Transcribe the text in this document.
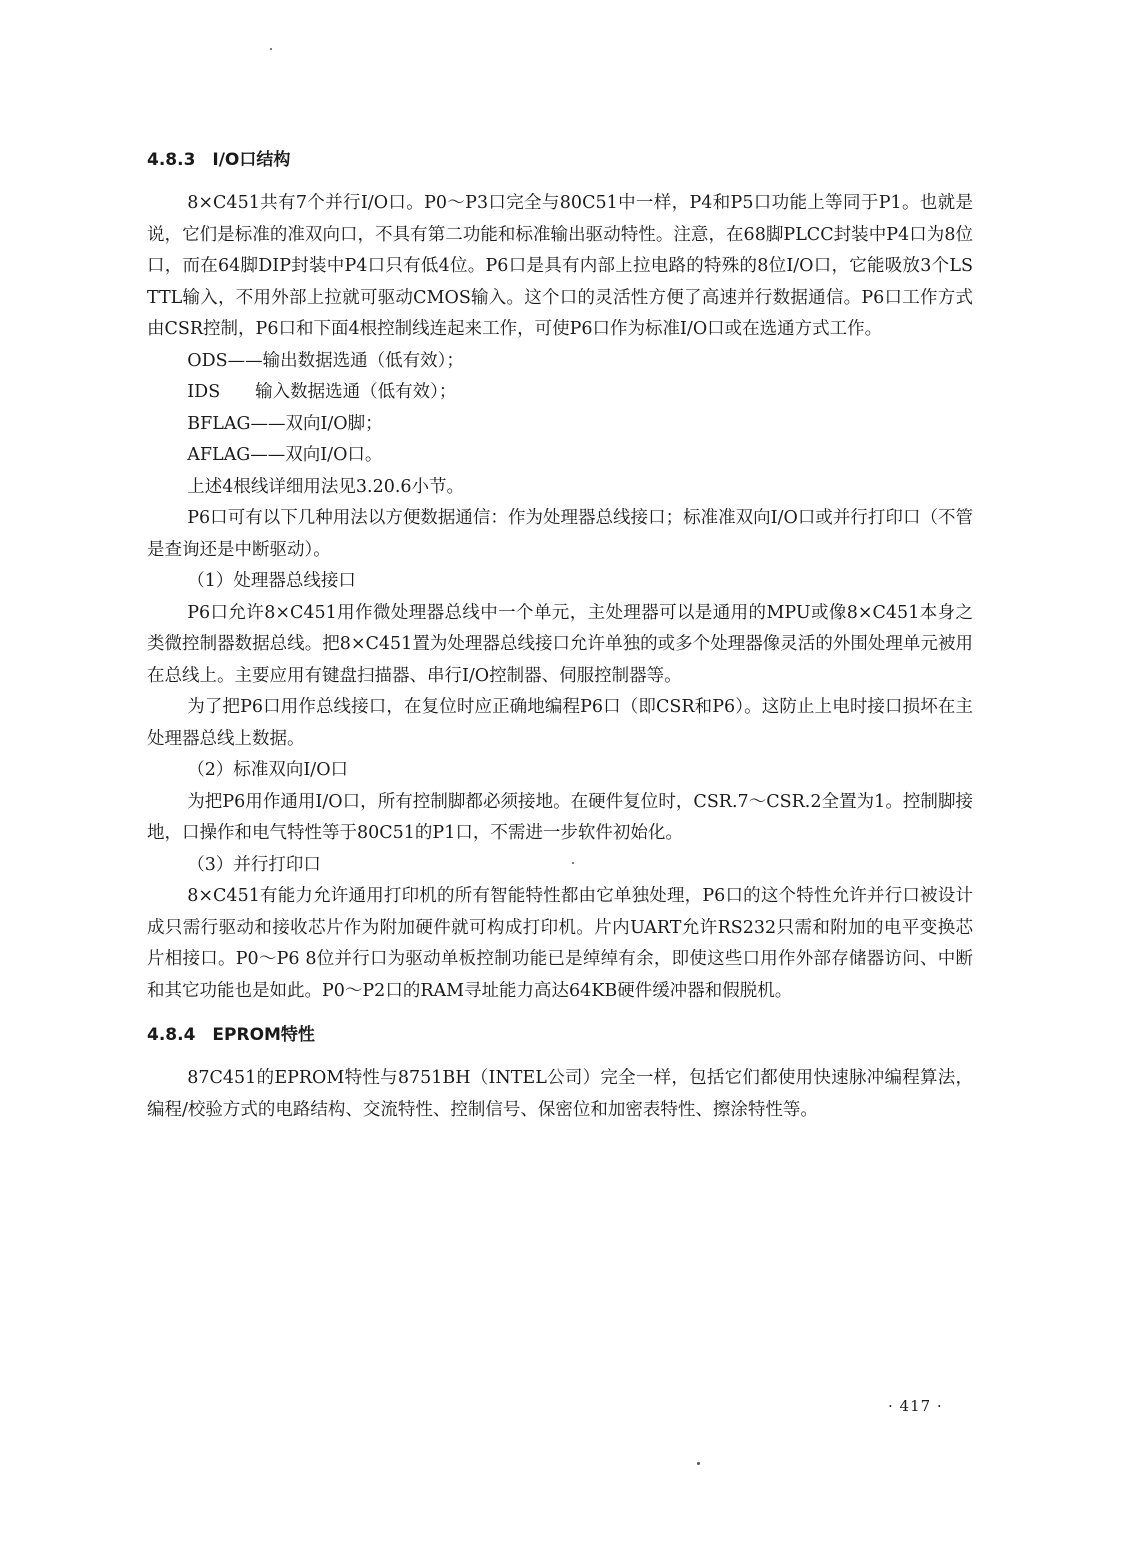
4.8.3　I/O口结构

8×C451共有7个并行I/O口。P0～P3口完全与80C51中一样，P4和P5口功能上等同于P1。也就是说，它们是标准的准双向口，不具有第二功能和标准输出驱动特性。注意，在68脚PLCC封装中P4口为8位口，而在64脚DIP封装中P4口只有低4位。P6口是具有内部上拉电路的特殊的8位I/O口，它能吸放3个LS TTL输入，不用外部上拉就可驱动CMOS输入。这个口的灵活性方便了高速并行数据通信。P6口工作方式由CSR控制，P6口和下面4根控制线连起来工作，可使P6口作为标准I/O口或在选通方式工作。

ODS——输出数据选通（低有效）；

IDS　　输入数据选通（低有效）；

BFLAG——双向I/O脚；

AFLAG——双向I/O口。

上述4根线详细用法见3.20.6小节。

P6口可有以下几种用法以方便数据通信：作为处理器总线接口；标准准双向I/O口或并行打印口（不管是查询还是中断驱动）。

（1）处理器总线接口

P6口允许8×C451用作微处理器总线中一个单元，主处理器可以是通用的MPU或像8×C451本身之类微控制器数据总线。把8×C451置为处理器总线接口允许单独的或多个处理器像灵活的外围处理单元被用在总线上。主要应用有键盘扫描器、串行I/O控制器、伺服控制器等。

为了把P6口用作总线接口，在复位时应正确地编程P6口（即CSR和P6）。这防止上电时接口损坏在主处理器总线上数据。

（2）标准双向I/O口

为把P6用作通用I/O口，所有控制脚都必须接地。在硬件复位时，CSR.7～CSR.2全置为1。控制脚接地，口操作和电气特性等于80C51的P1口，不需进一步软件初始化。

（3）并行打印口

8×C451有能力允许通用打印机的所有智能特性都由它单独处理，P6口的这个特性允许并行口被设计成只需行驱动和接收芯片作为附加硬件就可构成打印机。片内UART允许RS232只需和附加的电平变换芯片相接口。P0～P6 8位并行口为驱动单板控制功能已是绰绰有余，即使这些口用作外部存储器访问、中断和其它功能也是如此。P0～P2口的RAM寻址能力高达64KB硬件缓冲器和假脱机。

4.8.4　EPROM特性

87C451的EPROM特性与8751BH（INTEL公司）完全一样，包括它们都使用快速脉冲编程算法，编程/校验方式的电路结构、交流特性、控制信号、保密位和加密表特性、擦涂特性等。

· 417 ·
